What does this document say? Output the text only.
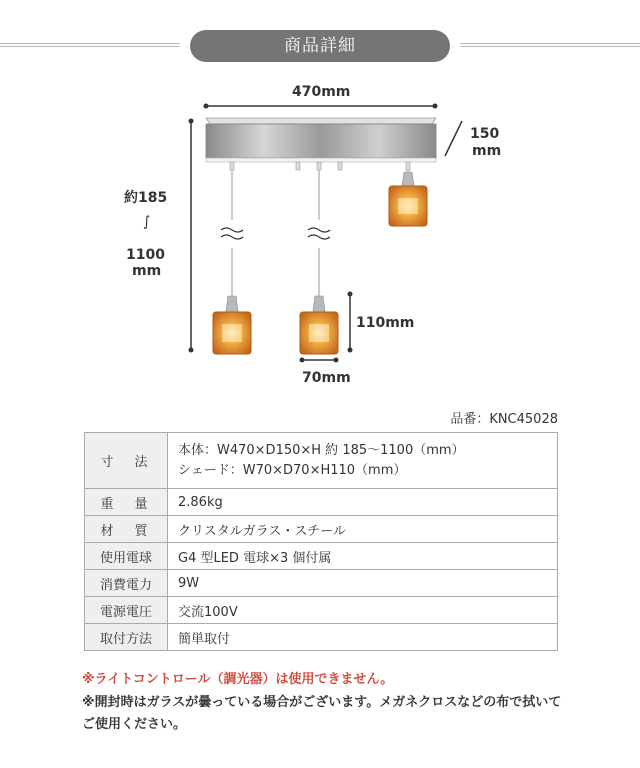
商品詳細
470mm
150
mm
約185
∫
1100
mm
110mm
70mm
品番：KNC45028
寸　法	本体：W470×D150×H 約 185〜1100（mm）
シェード：W70×D70×H110（mm）

重　量	2.86kg
材　質	クリスタルガラス・スチール
使用電球	G4 型LED 電球×3 個付属
消費電力	9W
電源電圧	交流100V
取付方法	簡単取付
※ライトコントロール（調光器）は使用できません。
※開封時はガラスが曇っている場合がございます。メガネクロスなどの布で拭いてご使用ください。
